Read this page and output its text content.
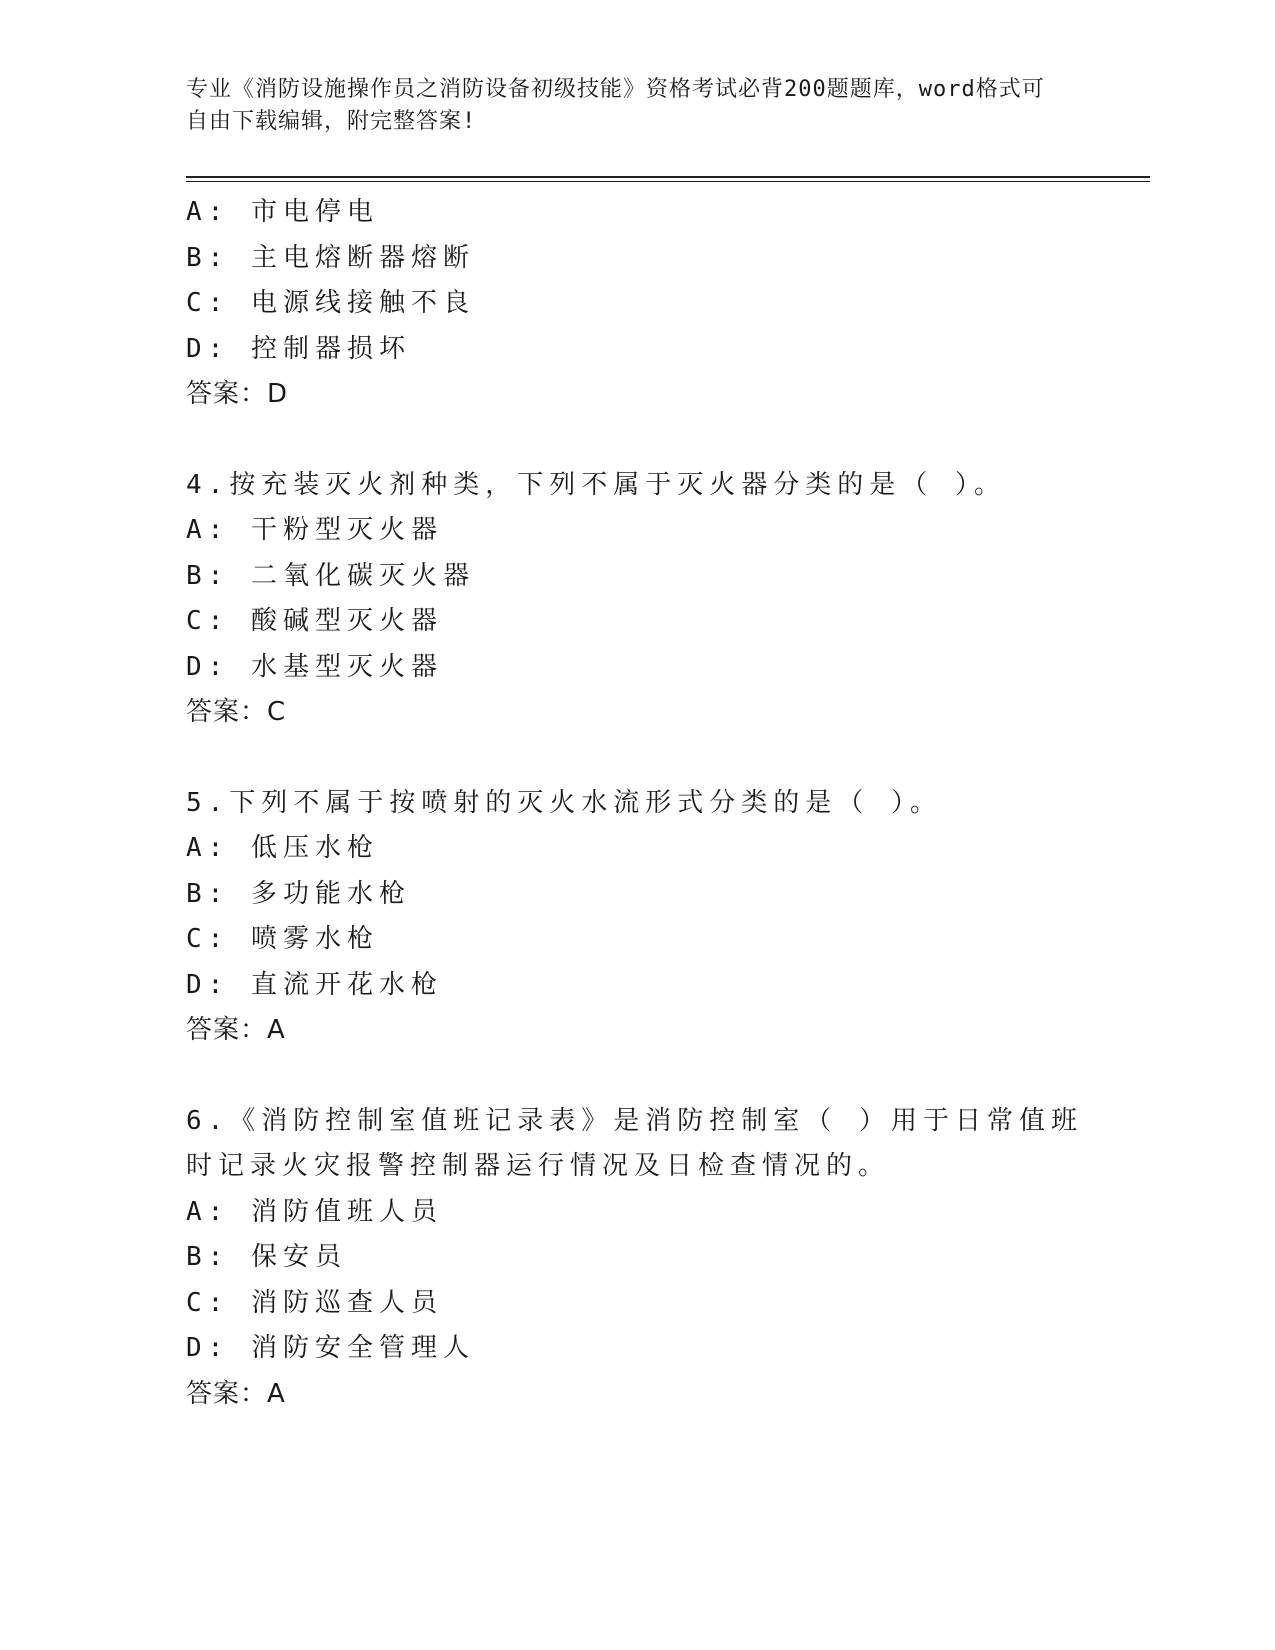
专业《消防设施操作员之消防设备初级技能》资格考试必背200题题库，word格式可自由下载编辑，附完整答案!
A: 市电停电
B: 主电熔断器熔断
C: 电源线接触不良
D: 控制器损坏
答案：D
4.按充装灭火剂种类，下列不属于灭火器分类的是（ ）。
A: 干粉型灭火器
B: 二氧化碳灭火器
C: 酸碱型灭火器
D: 水基型灭火器
答案：C
5.下列不属于按喷射的灭火水流形式分类的是（ ）。
A: 低压水枪
B: 多功能水枪
C: 喷雾水枪
D: 直流开花水枪
答案：A
6.《消防控制室值班记录表》是消防控制室（ ）用于日常值班时记录火灾报警控制器运行情况及日检查情况的。
A: 消防值班人员
B: 保安员
C: 消防巡查人员
D: 消防安全管理人
答案：A
